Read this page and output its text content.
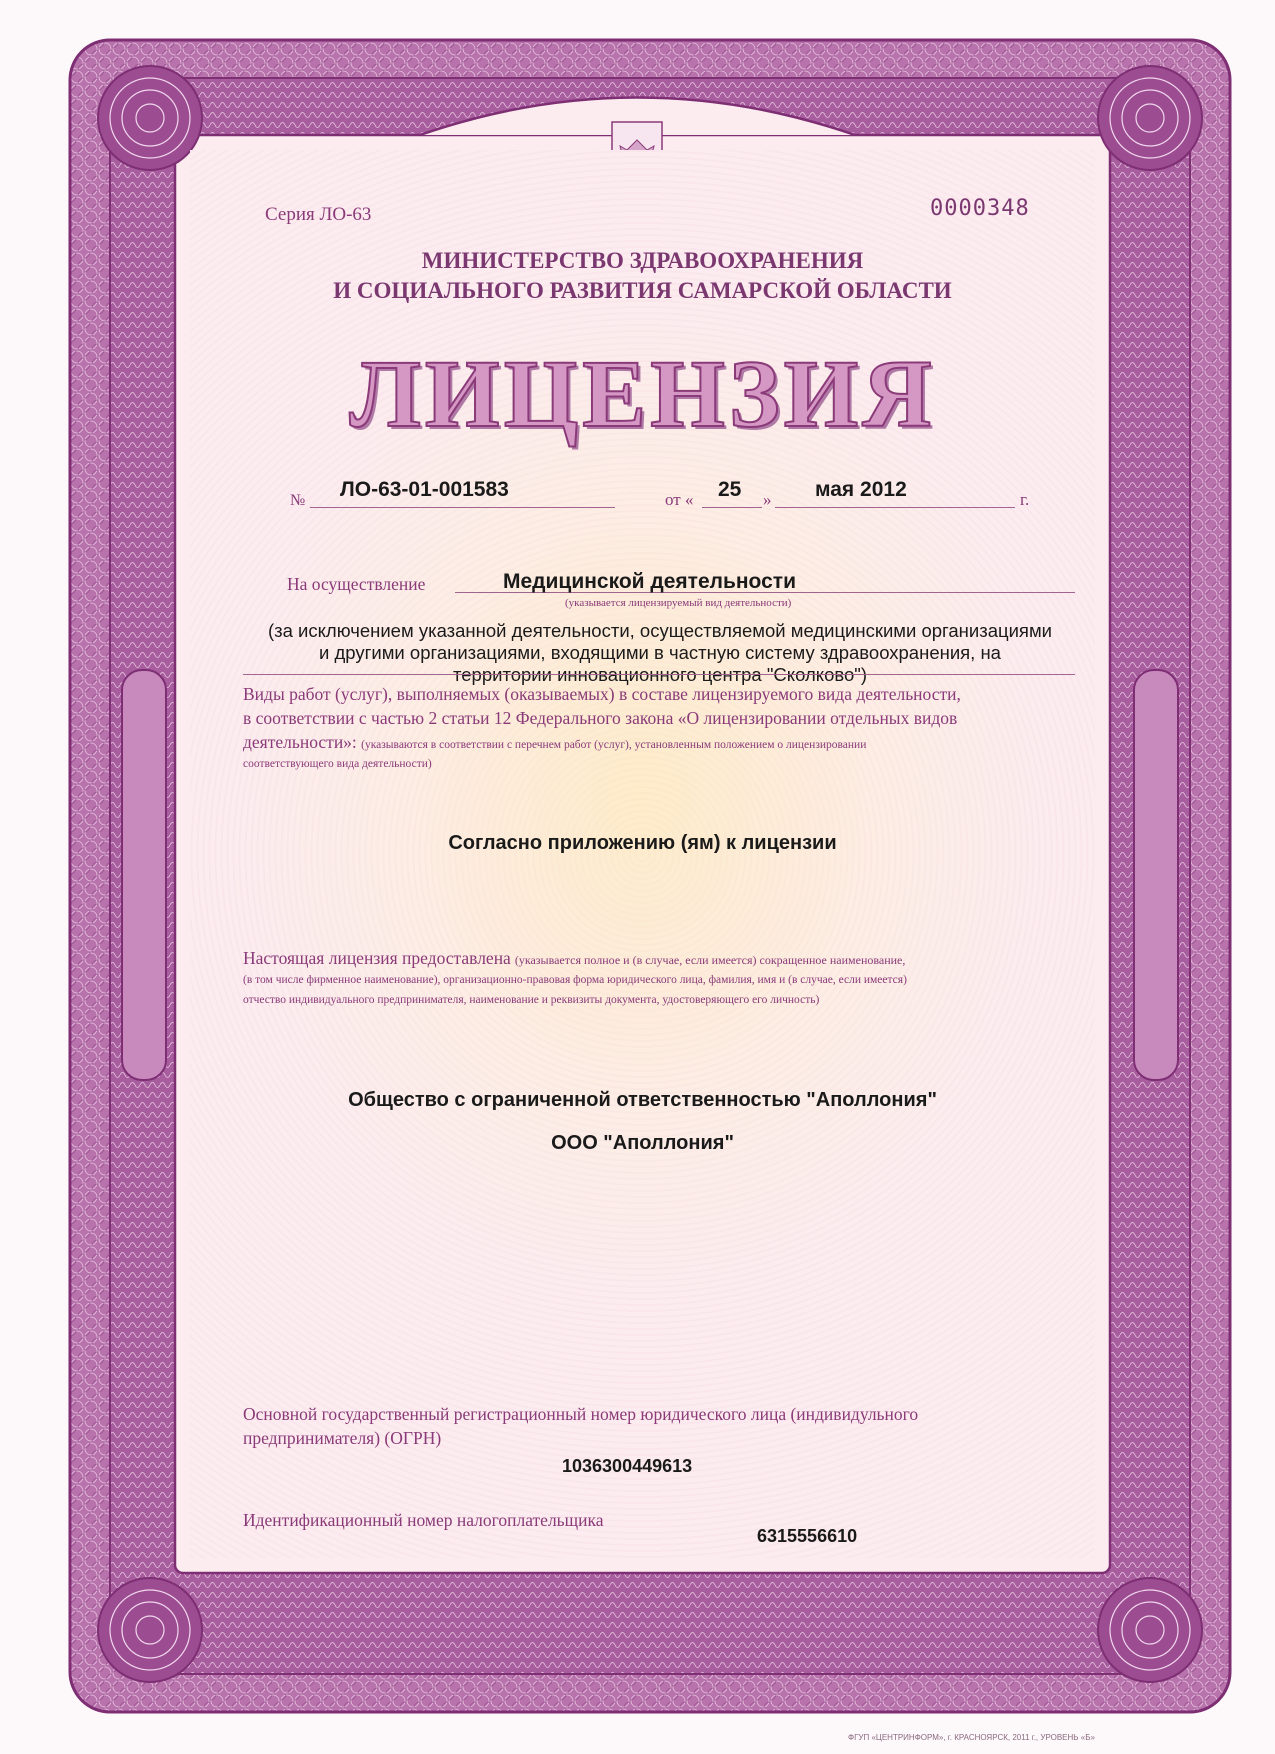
Серия ЛО-63	0000348
МИНИСТЕРСТВО ЗДРАВООХРАНЕНИЯ
И СОЦИАЛЬНОГО РАЗВИТИЯ САМАРСКОЙ ОБЛАСТИ
ЛИЦЕНЗИЯ
№ ЛО-63-01-001583	от « 25 » мая 2012	г.
На осуществление	Медицинской деятельности
(указывается лицензируемый вид деятельности)
(за исключением указанной деятельности, осуществляемой медицинскими организациями
и другими организациями, входящими в частную систему здравоохранения, на
территории инновационного центра "Сколково")
Виды работ (услуг), выполняемых (оказываемых) в составе лицензируемого вида деятельности,
в соответствии с частью 2 статьи 12 Федерального закона «О лицензировании отдельных видов
деятельности»: (указываются в соответствии с перечнем работ (услуг), установленным положением о лицензировании
соответствующего вида деятельности)
Согласно приложению (ям) к лицензии
Настоящая лицензия предоставлена (указывается полное и (в случае, если имеется) сокращенное наименование,
(в том числе фирменное наименование), организационно-правовая форма юридического лица, фамилия, имя и (в случае, если имеется)
отчество индивидуального предпринимателя, наименование и реквизиты документа, удостоверяющего его личность)
Общество с ограниченной ответственностью "Аполлония"
ООО "Аполлония"
Основной государственный регистрационный номер юридического лица (индивидульного
предпринимателя) (ОГРН)
1036300449613
Идентификационный номер налогоплательщика
6315556610
ФГУП «ЦЕНТРИНФОРМ», г. КРАСНОЯРСК, 2011 г., УРОВЕНЬ «Б»
